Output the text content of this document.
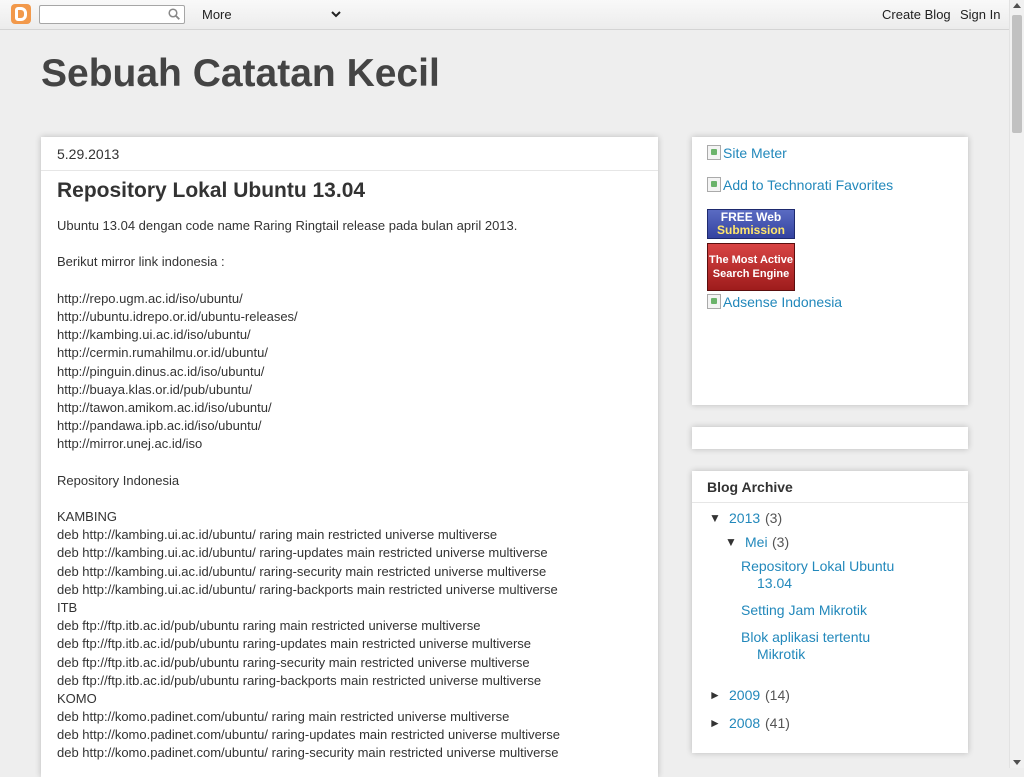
More	Create Blog Sign In
Sebuah Catatan Kecil
5.29.2013
Repository Lokal Ubuntu 13.04
Ubuntu 13.04 dengan code name Raring Ringtail release pada bulan april 2013.
Berikut mirror link indonesia :
http://repo.ugm.ac.id/iso/ubuntu/
http://ubuntu.idrepo.or.id/ubuntu-releases/
http://kambing.ui.ac.id/iso/ubuntu/
http://cermin.rumahilmu.or.id/ubuntu/
http://pinguin.dinus.ac.id/iso/ubuntu/
http://buaya.klas.or.id/pub/ubuntu/
http://tawon.amikom.ac.id/iso/ubuntu/
http://pandawa.ipb.ac.id/iso/ubuntu/
http://mirror.unej.ac.id/iso
Repository Indonesia
KAMBING
deb http://kambing.ui.ac.id/ubuntu/ raring main restricted universe multiverse
deb http://kambing.ui.ac.id/ubuntu/ raring-updates main restricted universe multiverse
deb http://kambing.ui.ac.id/ubuntu/ raring-security main restricted universe multiverse
deb http://kambing.ui.ac.id/ubuntu/ raring-backports main restricted universe multiverse
ITB
deb ftp://ftp.itb.ac.id/pub/ubuntu raring main restricted universe multiverse
deb ftp://ftp.itb.ac.id/pub/ubuntu raring-updates main restricted universe multiverse
deb ftp://ftp.itb.ac.id/pub/ubuntu raring-security main restricted universe multiverse
deb ftp://ftp.itb.ac.id/pub/ubuntu raring-backports main restricted universe multiverse
KOMO
deb http://komo.padinet.com/ubuntu/ raring main restricted universe multiverse
deb http://komo.padinet.com/ubuntu/ raring-updates main restricted universe multiverse
deb http://komo.padinet.com/ubuntu/ raring-security main restricted universe multiverse
Site Meter
Add to Technorati Favorites
FREE Web
Submission
The Most Active
Search Engine
Adsense Indonesia
Blog Archive
▼ 2013 (3)
▼ Mei (3)
Repository Lokal Ubuntu
13.04
Setting Jam Mikrotik
Blok aplikasi tertentu
Mikrotik
► 2009 (14)
► 2008 (41)
